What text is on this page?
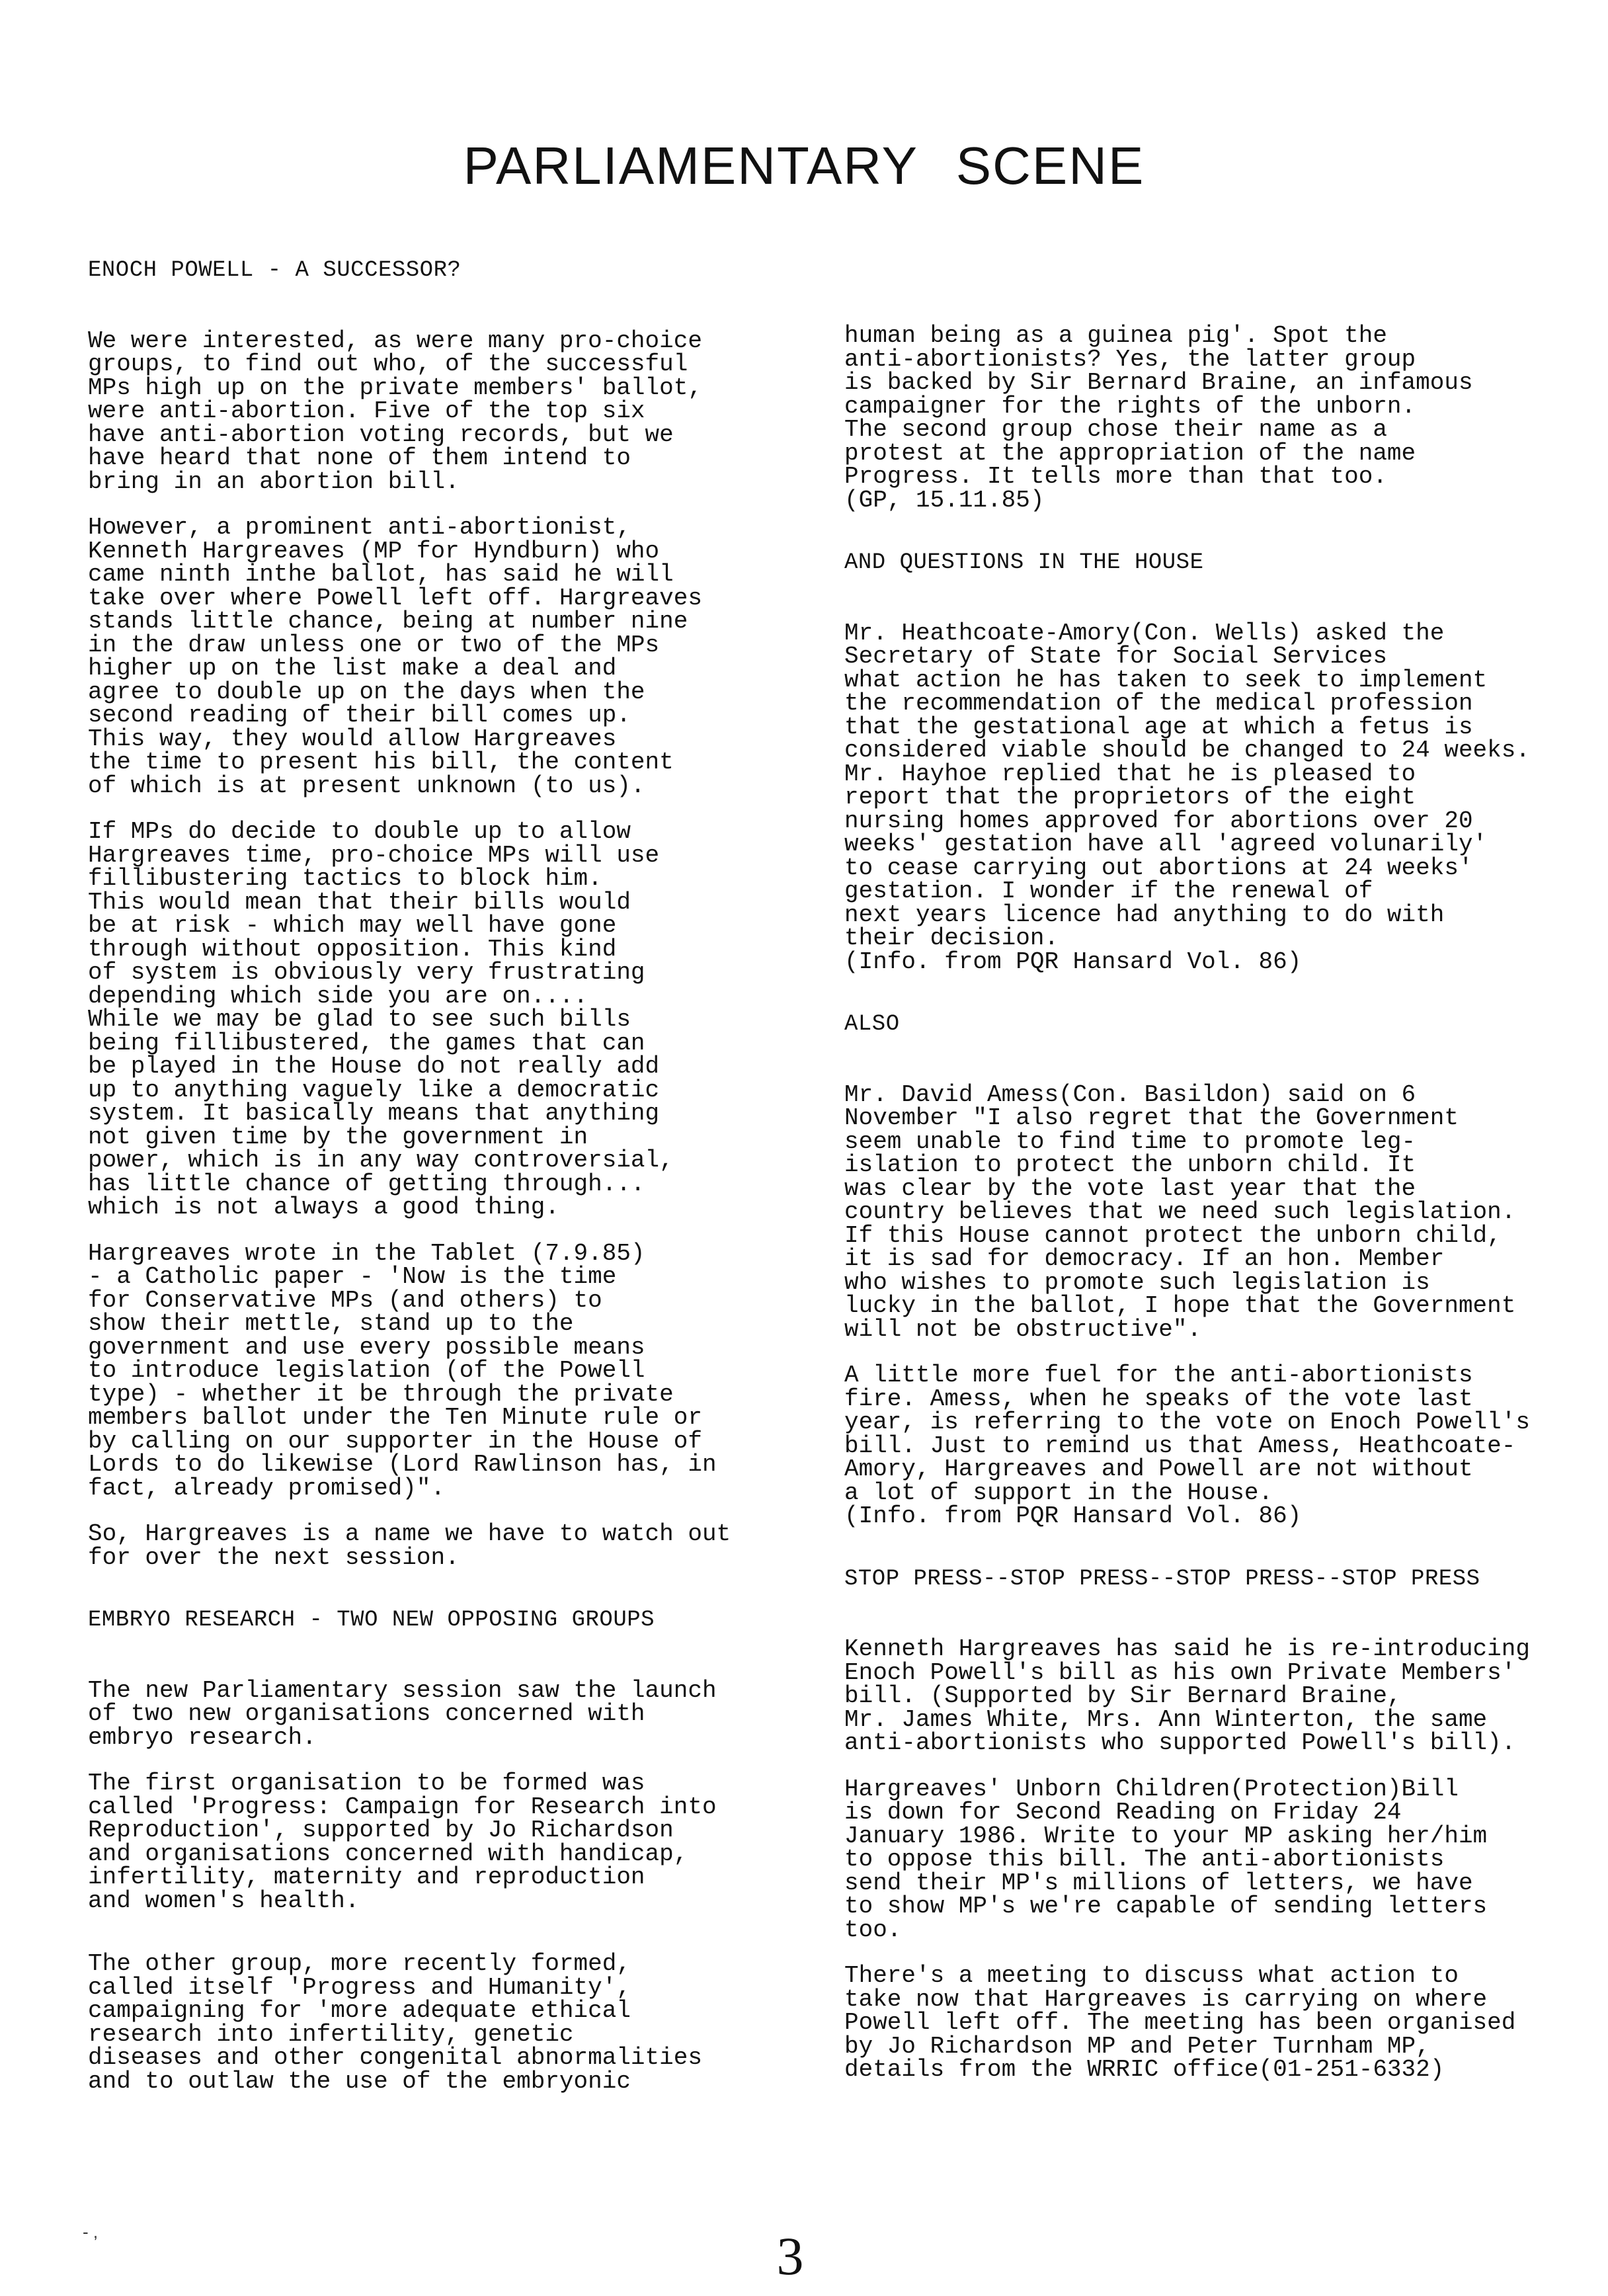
PARLIAMENTARY SCENE
ENOCH POWELL - A SUCCESSOR?

We were interested, as were many pro-choice
groups, to find out who, of the successful
MPs high up on the private members' ballot,
were anti-abortion. Five of the top six
have anti-abortion voting records, but we
have heard that none of them intend to
bring in an abortion bill.

However, a prominent anti-abortionist,
Kenneth Hargreaves (MP for Hyndburn) who
came ninth inthe ballot, has said he will
take over where Powell left off. Hargreaves
stands little chance, being at number nine
in the draw unless one or two of the MPs
higher up on the list make a deal and
agree to double up on the days when the
second reading of their bill comes up.
This way, they would allow Hargreaves
the time to present his bill, the content
of which is at present unknown (to us).

If MPs do decide to double up to allow
Hargreaves time, pro-choice MPs will use
fillibustering tactics to block him.
This would mean that their bills would
be at risk - which may well have gone
through without opposition. This kind
of system is obviously very frustrating
depending which side you are on....
While we may be glad to see such bills
being fillibustered, the games that can
be played in the House do not really add
up to anything vaguely like a democratic
system. It basically means that anything
not given time by the government in
power, which is in any way controversial,
has little chance of getting through...
which is not always a good thing.

Hargreaves wrote in the Tablet (7.9.85)
- a Catholic paper - 'Now is the time
for Conservative MPs (and others) to
show their mettle, stand up to the
government and use every possible means
to introduce legislation (of the Powell
type) - whether it be through the private
members ballot under the Ten Minute rule or
by calling on our supporter in the House of
Lords to do likewise (Lord Rawlinson has, in
fact, already promised)".

So, Hargreaves is a name we have to watch out
for over the next session.

EMBRYO RESEARCH - TWO NEW OPPOSING GROUPS

The new Parliamentary session saw the launch
of two new organisations concerned with
embryo research.

The first organisation to be formed was
called 'Progress: Campaign for Research into
Reproduction', supported by Jo Richardson
and organisations concerned with handicap,
infertility, maternity and reproduction
and women's health.

The other group, more recently formed,
called itself 'Progress and Humanity',
campaigning for 'more adequate ethical
research into infertility, genetic
diseases and other congenital abnormalities
and to outlaw the use of the embryonic

human being as a guinea pig'. Spot the
anti-abortionists? Yes, the latter group
is backed by Sir Bernard Braine, an infamous
campaigner for the rights of the unborn.
The second group chose their name as a
protest at the appropriation of the name
Progress. It tells more than that too.
(GP, 15.11.85)

AND QUESTIONS IN THE HOUSE

Mr. Heathcoate-Amory(Con. Wells) asked the
Secretary of State for Social Services
what action he has taken to seek to implement
the recommendation of the medical profession
that the gestational age at which a fetus is
considered viable should be changed to 24 weeks.
Mr. Hayhoe replied that he is pleased to
report that the proprietors of the eight
nursing homes approved for abortions over 20
weeks' gestation have all 'agreed volunarily'
to cease carrying out abortions at 24 weeks'
gestation. I wonder if the renewal of
next years licence had anything to do with
their decision.
(Info. from PQR Hansard Vol. 86)

ALSO

Mr. David Amess(Con. Basildon) said on 6
November "I also regret that the Government
seem unable to find time to promote leg-
islation to protect the unborn child. It
was clear by the vote last year that the
country believes that we need such legislation.
If this House cannot protect the unborn child,
it is sad for democracy. If an hon. Member
who wishes to promote such legislation is
lucky in the ballot, I hope that the Government
will not be obstructive".

A little more fuel for the anti-abortionists
fire. Amess, when he speaks of the vote last
year, is referring to the vote on Enoch Powell's
bill. Just to remind us that Amess, Heathcoate-
Amory, Hargreaves and Powell are not without
a lot of support in the House.
(Info. from PQR Hansard Vol. 86)

STOP PRESS--STOP PRESS--STOP PRESS--STOP PRESS

Kenneth Hargreaves has said he is re-introducing
Enoch Powell's bill as his own Private Members'
bill. (Supported by Sir Bernard Braine,
Mr. James White, Mrs. Ann Winterton, the same
anti-abortionists who supported Powell's bill).

Hargreaves' Unborn Children(Protection)Bill
is down for Second Reading on Friday 24
January 1986. Write to your MP asking her/him
to oppose this bill. The anti-abortionists
send their MP's millions of letters, we have
to show MP's we're capable of sending letters
too.

There's a meeting to discuss what action to
take now that Hargreaves is carrying on where
Powell left off. The meeting has been organised
by Jo Richardson MP and Peter Turnham MP,
details from the WRRIC office(01-251-6332)

- ,	3
